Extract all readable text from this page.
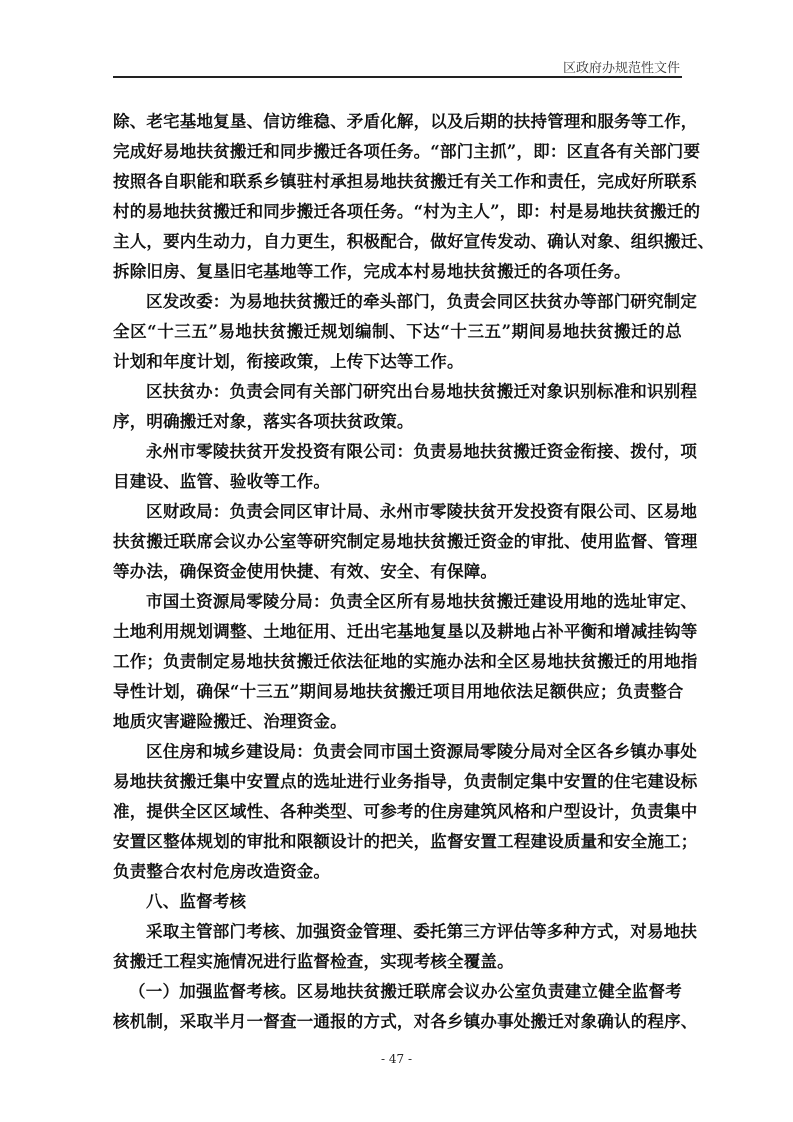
区政府办规范性文件
除、老宅基地复垦、信访维稳、矛盾化解，以及后期的扶持管理和服务等工作，
完成好易地扶贫搬迁和同步搬迁各项任务。“部门主抓”，即：区直各有关部门要
按照各自职能和联系乡镇驻村承担易地扶贫搬迁有关工作和责任，完成好所联系
村的易地扶贫搬迁和同步搬迁各项任务。“村为主人”，即：村是易地扶贫搬迁的
主人，要内生动力，自力更生，积极配合，做好宣传发动、确认对象、组织搬迁、
拆除旧房、复垦旧宅基地等工作，完成本村易地扶贫搬迁的各项任务。
区发改委：为易地扶贫搬迁的牵头部门，负责会同区扶贫办等部门研究制定
全区“十三五”易地扶贫搬迁规划编制、下达“十三五”期间易地扶贫搬迁的总
计划和年度计划，衔接政策，上传下达等工作。
区扶贫办：负责会同有关部门研究出台易地扶贫搬迁对象识别标准和识别程
序，明确搬迁对象，落实各项扶贫政策。
永州市零陵扶贫开发投资有限公司：负责易地扶贫搬迁资金衔接、拨付，项
目建设、监管、验收等工作。
区财政局：负责会同区审计局、永州市零陵扶贫开发投资有限公司、区易地
扶贫搬迁联席会议办公室等研究制定易地扶贫搬迁资金的审批、使用监督、管理
等办法，确保资金使用快捷、有效、安全、有保障。
市国土资源局零陵分局：负责全区所有易地扶贫搬迁建设用地的选址审定、
土地利用规划调整、土地征用、迁出宅基地复垦以及耕地占补平衡和增减挂钩等
工作；负责制定易地扶贫搬迁依法征地的实施办法和全区易地扶贫搬迁的用地指
导性计划，确保“十三五”期间易地扶贫搬迁项目用地依法足额供应；负责整合
地质灾害避险搬迁、治理资金。
区住房和城乡建设局：负责会同市国土资源局零陵分局对全区各乡镇办事处
易地扶贫搬迁集中安置点的选址进行业务指导，负责制定集中安置的住宅建设标
准，提供全区区域性、各种类型、可参考的住房建筑风格和户型设计，负责集中
安置区整体规划的审批和限额设计的把关，监督安置工程建设质量和安全施工；
负责整合农村危房改造资金。
八、监督考核
采取主管部门考核、加强资金管理、委托第三方评估等多种方式，对易地扶
贫搬迁工程实施情况进行监督检查，实现考核全覆盖。
（一）加强监督考核。区易地扶贫搬迁联席会议办公室负责建立健全监督考
核机制，采取半月一督查一通报的方式，对各乡镇办事处搬迁对象确认的程序、
- 47 -
